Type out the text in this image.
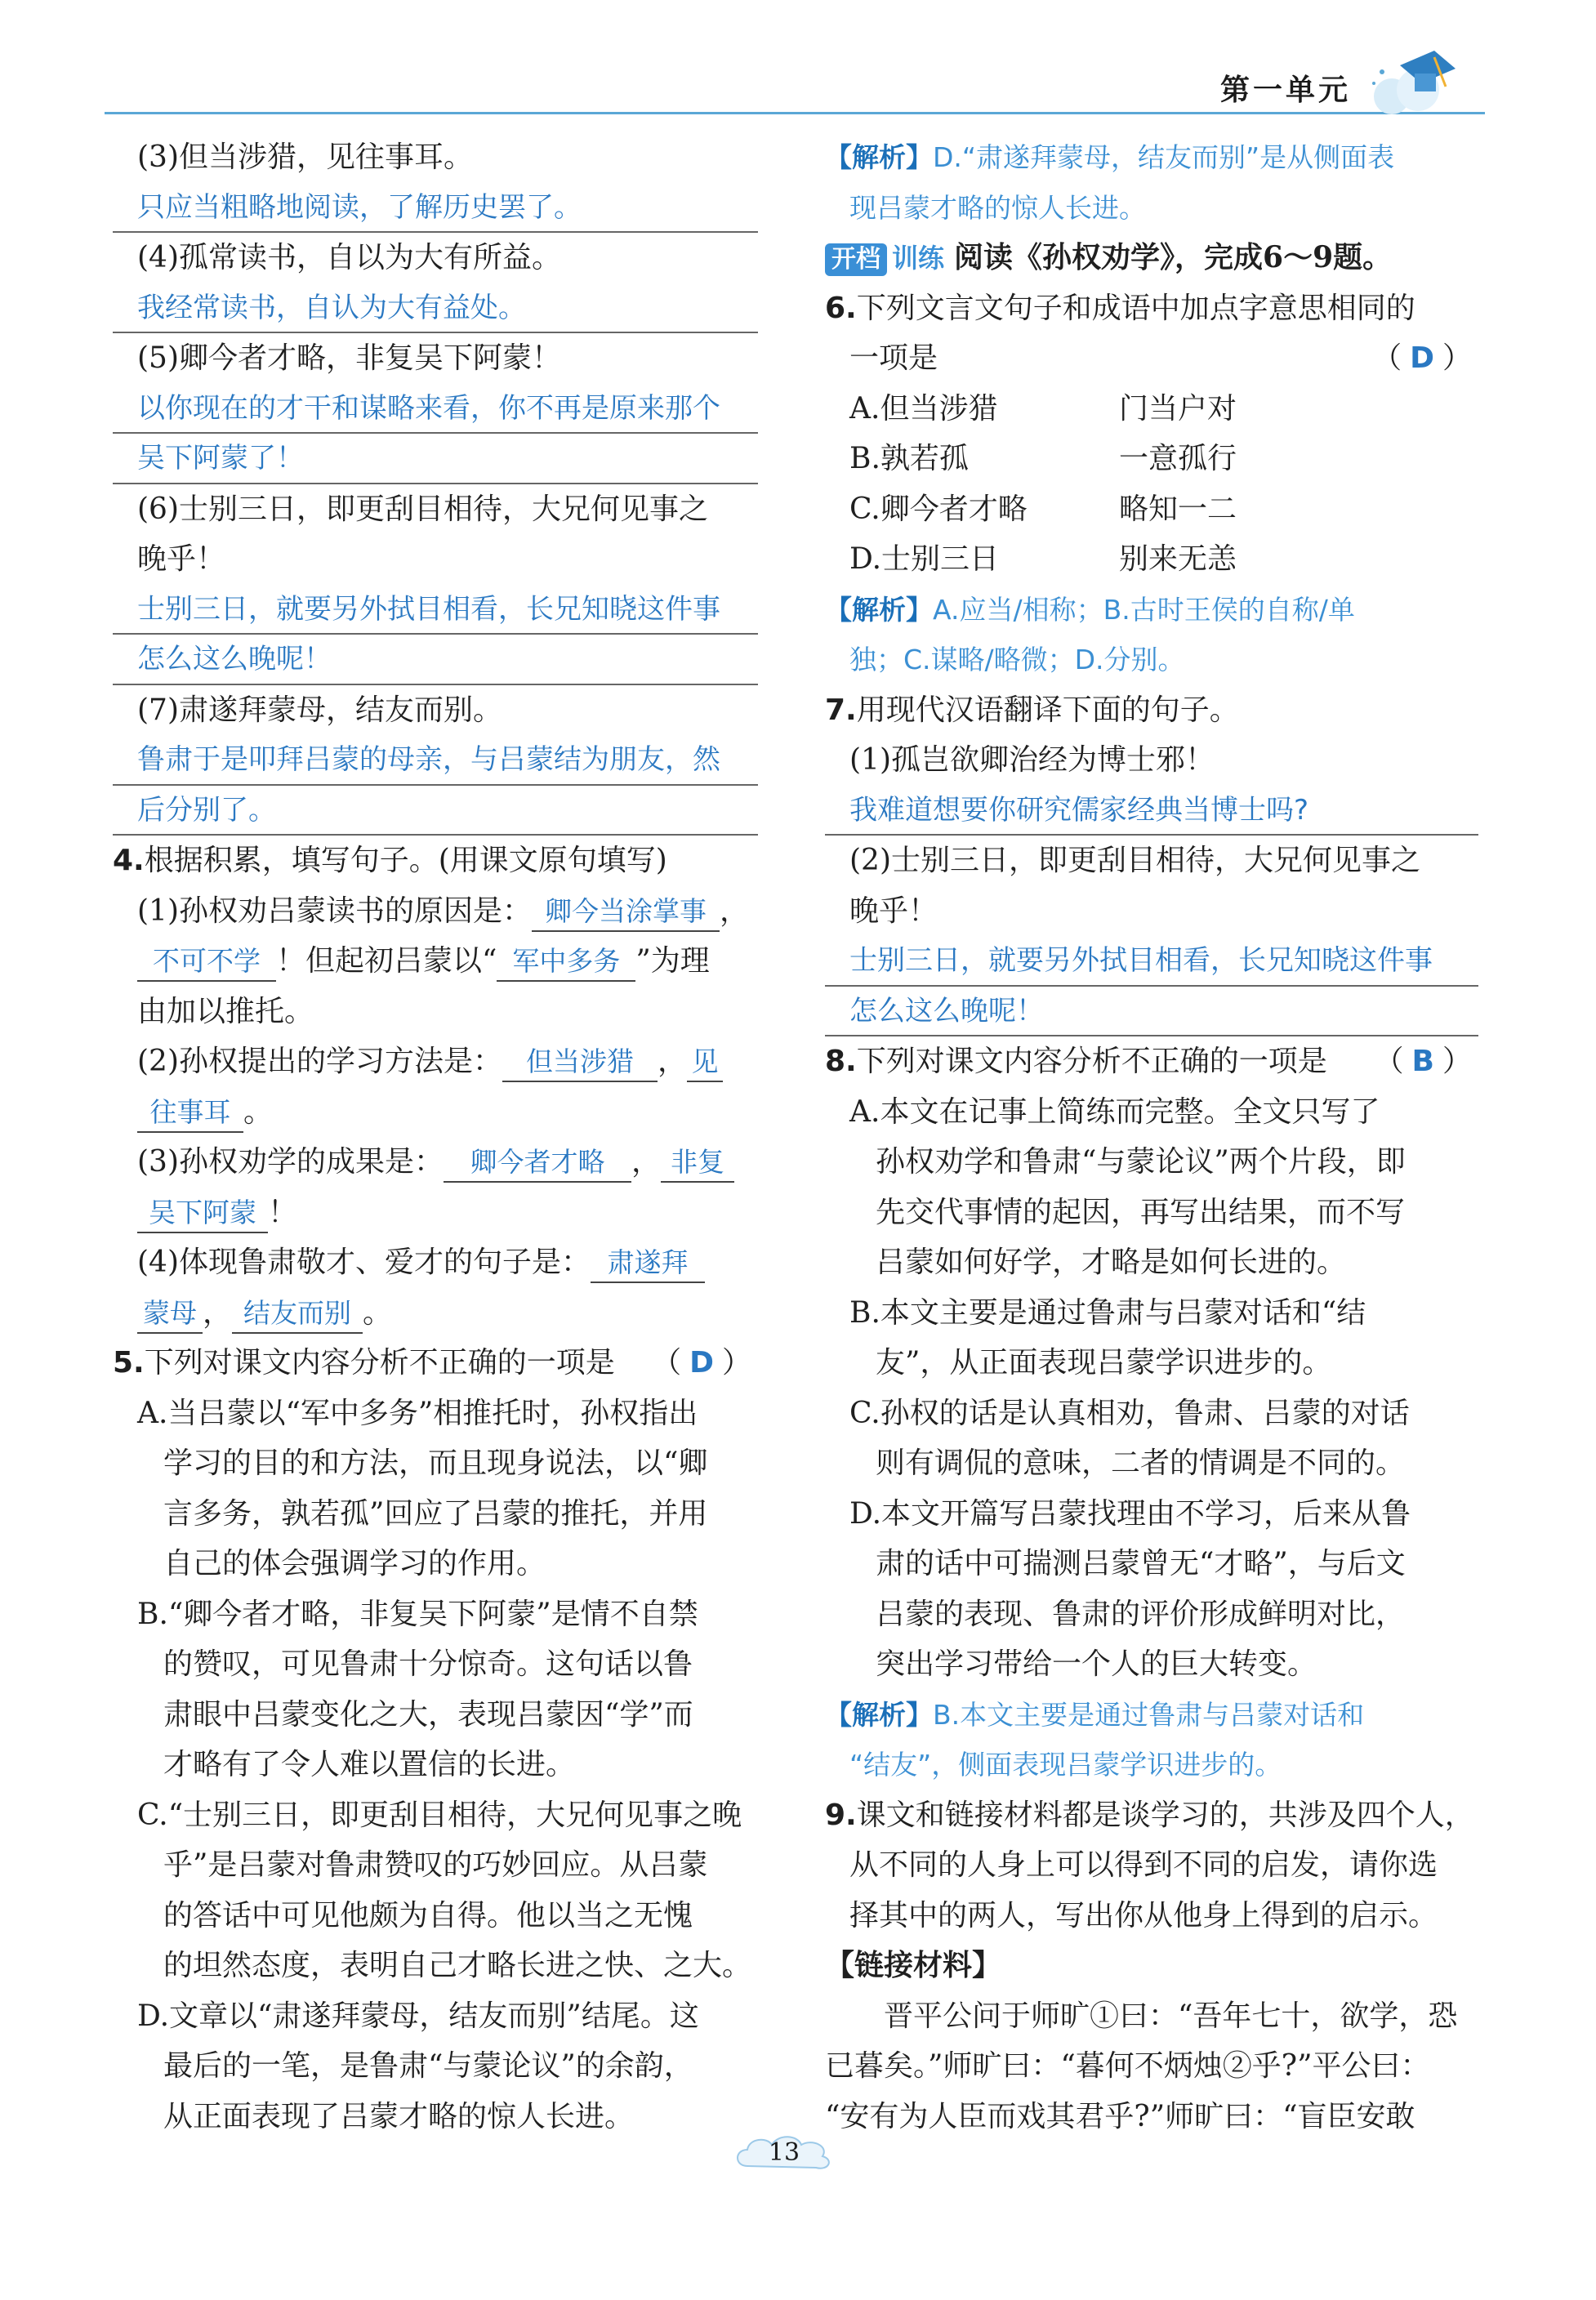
第一单元
(3)但当涉猎，见往事耳。
只应当粗略地阅读，了解历史罢了。
(4)孤常读书，自以为大有所益。
我经常读书，自认为大有益处。
(5)卿今者才略，非复吴下阿蒙！
以你现在的才干和谋略来看，你不再是原来那个
吴下阿蒙了！
(6)士别三日，即更刮目相待，大兄何见事之
晚乎！
士别三日，就要另外拭目相看，长兄知晓这件事
怎么这么晚呢！
(7)肃遂拜蒙母，结友而别。
鲁肃于是叩拜吕蒙的母亲，与吕蒙结为朋友，然
后分别了。
4.根据积累，填写句子。(用课文原句填写)
(1)孙权劝吕蒙读书的原因是： 卿今当涂掌事 ，
不可不学 ！但起初吕蒙以“ 军中多务 ”为理
由加以推托。
(2)孙权提出的学习方法是： 但当涉猎 ， 见
往事耳 。
(3)孙权劝学的成果是： 卿今者才略 ， 非复
吴下阿蒙 ！
(4)体现鲁肃敬才、爱才的句子是： 肃遂拜
蒙母 ， 结友而别 。
5.下列对课文内容分析不正确的一项是 （ D ）
A.当吕蒙以“军中多务”相推托时，孙权指出
学习的目的和方法，而且现身说法，以“卿
言多务，孰若孤”回应了吕蒙的推托，并用
自己的体会强调学习的作用。
B.“卿今者才略，非复吴下阿蒙”是情不自禁
的赞叹，可见鲁肃十分惊奇。这句话以鲁
肃眼中吕蒙变化之大，表现吕蒙因“学”而
才略有了令人难以置信的长进。
C.“士别三日，即更刮目相待，大兄何见事之晚
乎”是吕蒙对鲁肃赞叹的巧妙回应。从吕蒙
的答话中可见他颇为自得。他以当之无愧
的坦然态度，表明自己才略长进之快、之大。
D.文章以“肃遂拜蒙母，结友而别”结尾。这
最后的一笔，是鲁肃“与蒙论议”的余韵，
从正面表现了吕蒙才略的惊人长进。
【解析】D.“肃遂拜蒙母，结友而别”是从侧面表
现吕蒙才略的惊人长进。
开档 训练 阅读《孙权劝学》，完成6～9题。
6.下列文言文句子和成语中加点字意思相同的
一项是	（ D ）
A.但当涉猎	门当户对
B.孰若孤	一意孤行
C.卿今者才略	略知一二
D.士别三日	别来无恙
【解析】A.应当/相称；B.古时王侯的自称/单
独；C.谋略/略微；D.分别。
7.用现代汉语翻译下面的句子。
(1)孤岂欲卿治经为博士邪！
我难道想要你研究儒家经典当博士吗?
(2)士别三日，即更刮目相待，大兄何见事之
晚乎！
士别三日，就要另外拭目相看，长兄知晓这件事
怎么这么晚呢！
8.下列对课文内容分析不正确的一项是 （ B ）
A.本文在记事上简练而完整。全文只写了
孙权劝学和鲁肃“与蒙论议”两个片段，即
先交代事情的起因，再写出结果，而不写
吕蒙如何好学，才略是如何长进的。
B.本文主要是通过鲁肃与吕蒙对话和“结
友”，从正面表现吕蒙学识进步的。
C.孙权的话是认真相劝，鲁肃、吕蒙的对话
则有调侃的意味，二者的情调是不同的。
D.本文开篇写吕蒙找理由不学习，后来从鲁
肃的话中可揣测吕蒙曾无“才略”，与后文
吕蒙的表现、鲁肃的评价形成鲜明对比，
突出学习带给一个人的巨大转变。
【解析】B.本文主要是通过鲁肃与吕蒙对话和
“结友”，侧面表现吕蒙学识进步的。
9.课文和链接材料都是谈学习的，共涉及四个人，
从不同的人身上可以得到不同的启发，请你选
择其中的两人，写出你从他身上得到的启示。
【链接材料】
晋平公问于师旷①曰：“吾年七十，欲学，恐
已暮矣。”师旷曰：“暮何不炳烛②乎?”平公曰：
“安有为人臣而戏其君乎?”师旷曰：“盲臣安敢
13
